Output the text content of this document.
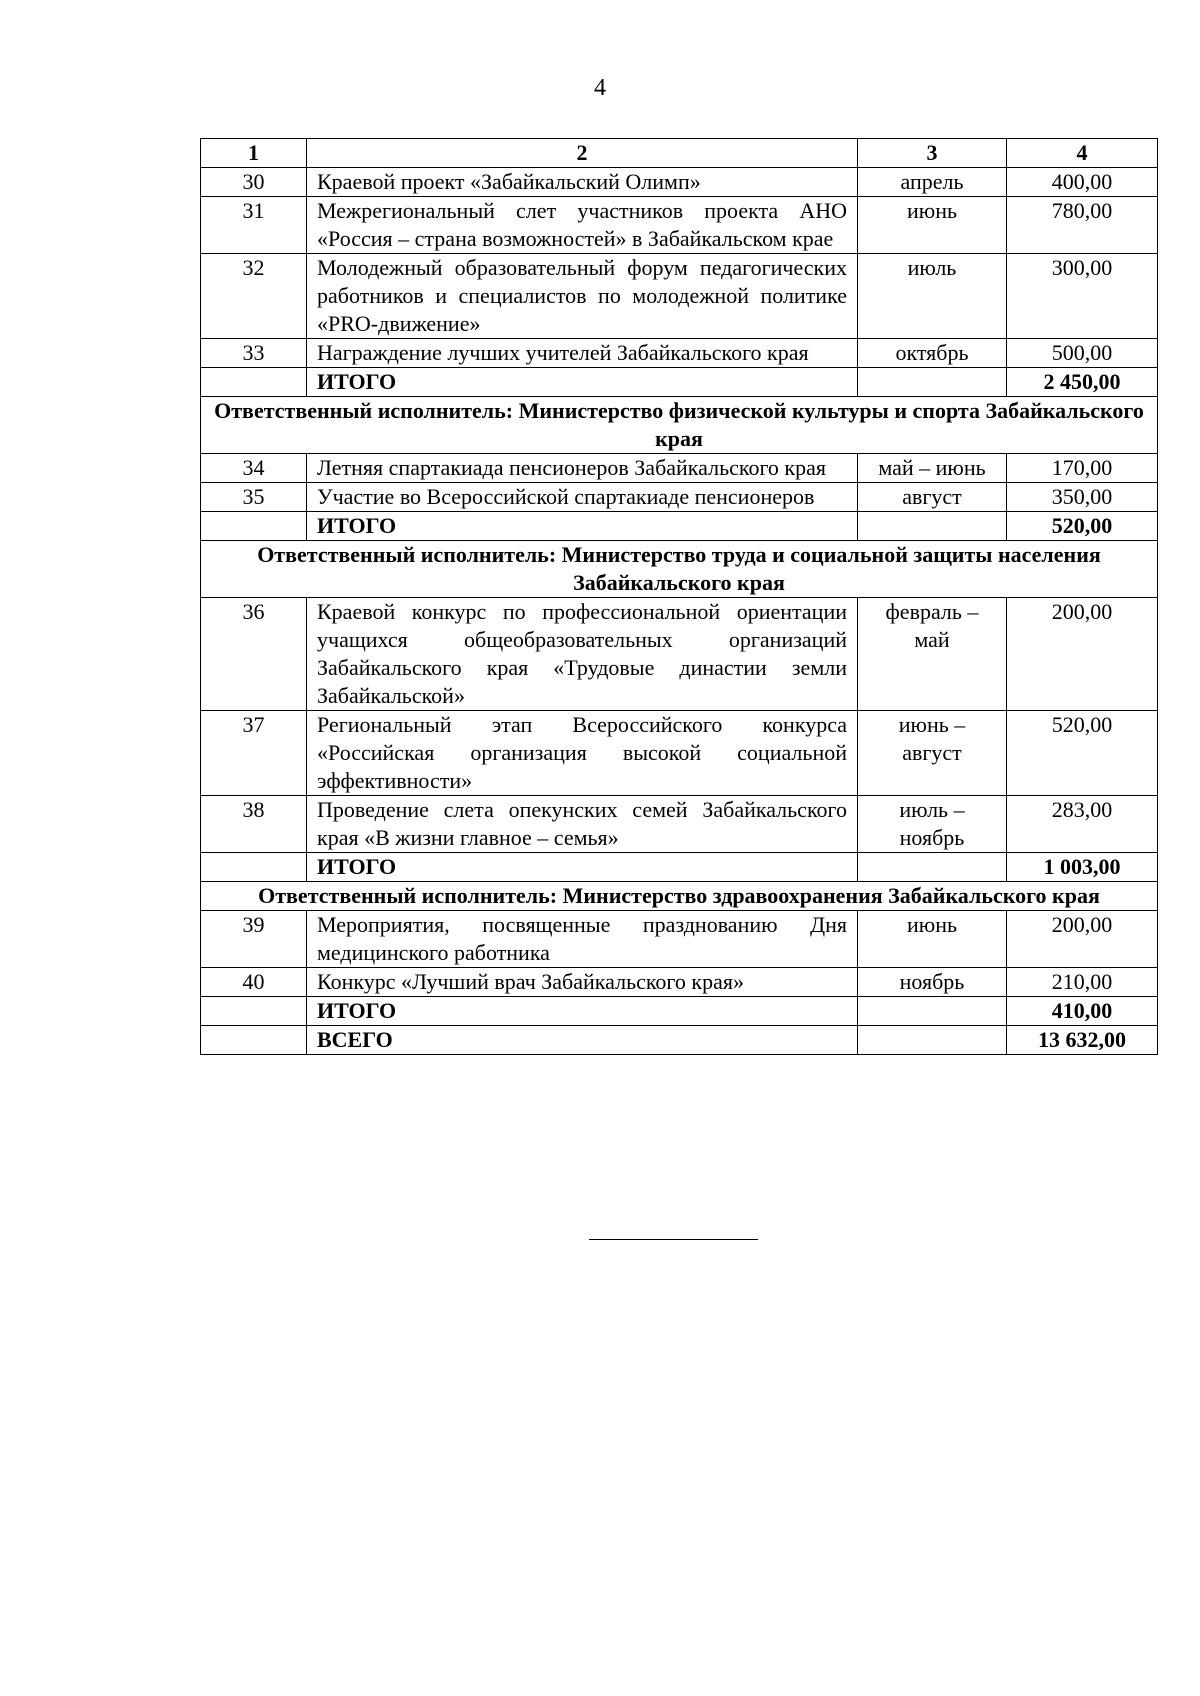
4
1	2	3	4
30	Краевой проект «Забайкальский Олимп»	апрель	400,00
31	Межрегиональный слет участников проекта АНО «Россия – страна возможностей» в Забайкальском крае	июнь	780,00
32	Молодежный образовательный форум педагогических работников и специалистов по молодежной политике «PRO-движение»	июль	300,00
33	Награждение лучших учителей Забайкальского края	октябрь	500,00
	ИТОГО		2 450,00
Ответственный исполнитель: Министерство физической культуры и спорта Забайкальского края			
34	Летняя спартакиада пенсионеров Забайкальского края	май – июнь	170,00
35	Участие во Всероссийской спартакиаде пенсионеров	август	350,00
	ИТОГО		520,00
Ответственный исполнитель: Министерство труда и социальной защиты населения Забайкальского края			
36	Краевой конкурс по профессиональной ориентации учащихся общеобразовательных организаций Забайкальского края «Трудовые династии земли Забайкальской»	февраль – май	200,00
37	Региональный этап Всероссийского конкурса «Российская организация высокой социальной эффективности»	июнь – август	520,00
38	Проведение слета опекунских семей Забайкальского края «В жизни главное – семья»	июль – ноябрь	283,00
	ИТОГО		1 003,00
Ответственный исполнитель: Министерство здравоохранения Забайкальского края			
39	Мероприятия, посвященные празднованию Дня медицинского работника	июнь	200,00
40	Конкурс «Лучший врач Забайкальского края»	ноябрь	210,00
	ИТОГО		410,00
	ВСЕГО		13 632,00
